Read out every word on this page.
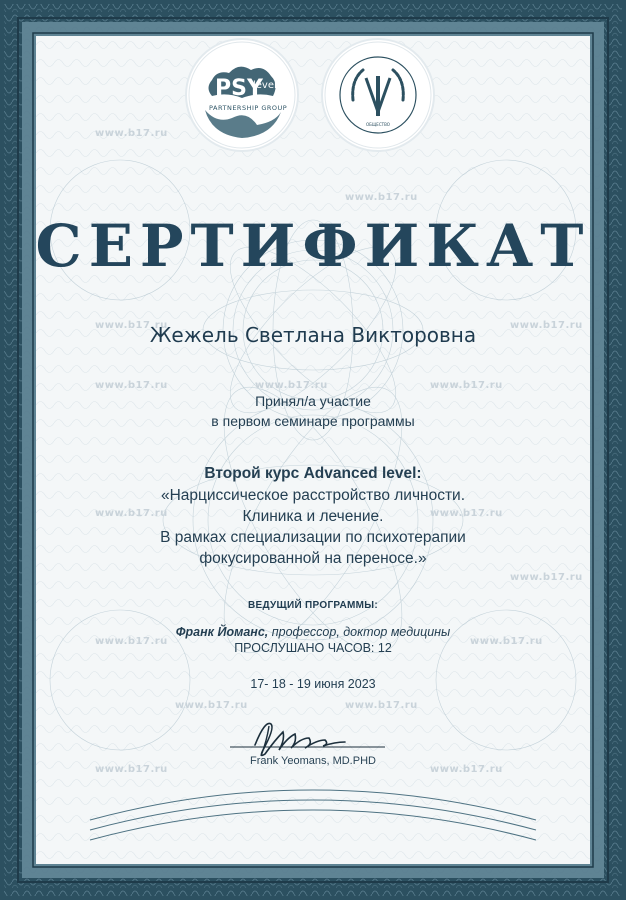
www.b17.ru
www.b17.ru
www.b17.ru	www.b17.ru
www.b17.ru	www.b17.ru	www.b17.ru
www.b17.ru	www.b17.ru
www.b17.ru
www.b17.ru	www.b17.ru
www.b17.ru	www.b17.ru
www.b17.ru	www.b17.ru
PSY
level 4
PARTNERSHIP GROUP
ОБЩЕСТВО
СЕРТИФИКАТ
Жежель Светлана Викторовна
Принял/а участие
в первом семинаре программы
Второй курс Advanced level:
«Нарциссическое расстройство личности.
Клиника и лечение.
В рамках специализации по психотерапии
фокусированной на переносе.»
ВЕДУЩИЙ ПРОГРАММЫ:
Франк Йоманс, профессор, доктор медицины
ПРОСЛУШАНО ЧАСОВ: 12
17- 18 - 19 июня 2023
Frank Yeomans, MD.PHD
